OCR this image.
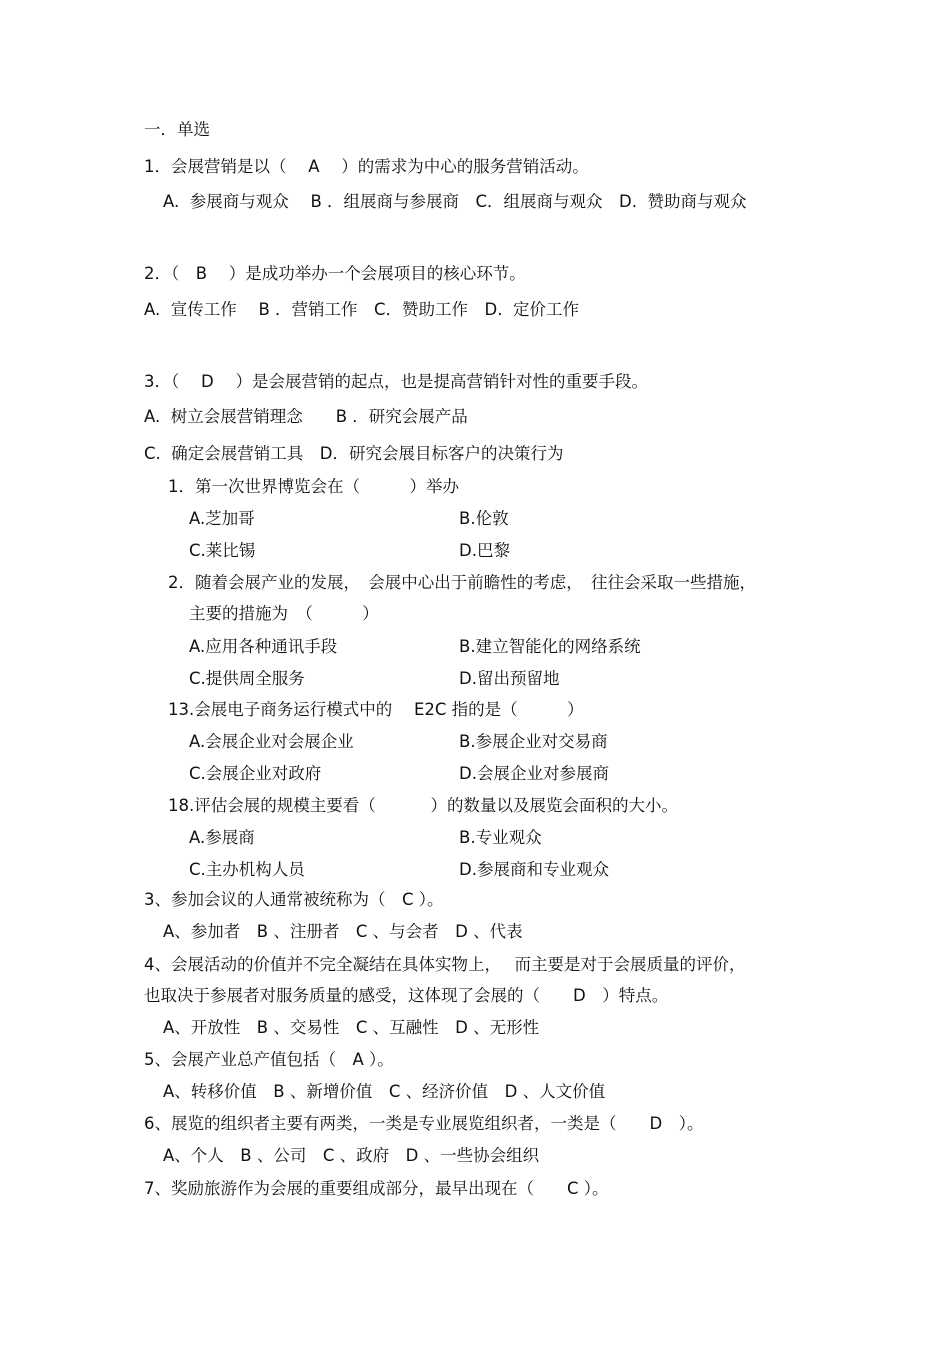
一．单选
1．会展营销是以（　 A　 ）的需求为中心的服务营销活动。
A.  参展商与观众　 B ．组展商与参展商　C．组展商与观众　D.  赞助商与观众
2．（　B　 ）是成功举办一个会展项目的核心环节。
A.  宣传工作　 B ．营销工作　C．赞助工作　D.  定价工作
3．（　 D　 ）是会展营销的起点，也是提高营销针对性的重要手段。
A.  树立会展营销理念　　B ．研究会展产品
C.  确定会展营销工具　D．研究会展目标客户的决策行为
1．第一次世界博览会在（　　　）举办
A.芝加哥	B.伦敦
C.莱比锡	D.巴黎
2．随着会展产业的发展，　会展中心出于前瞻性的考虑，　往往会采取一些措施，
主要的措施为　（　　　）
A.应用各种通讯手段	B.建立智能化的网络系统
C.提供周全服务	D.留出预留地
13.会展电子商务运行模式中的　 E2C 指的是（　　　）
A.会展企业对会展企业	B.参展企业对交易商
C.会展企业对政府	D.会展企业对参展商
18.评估会展的规模主要看（　　　 ）的数量以及展览会面积的大小。
A.参展商	B.专业观众
C.主办机构人员	D.参展商和专业观众
3、参加会议的人通常被统称为（　C ）。
A、参加者　B 、注册者　C 、与会者　D 、代表
4、会展活动的价值并不完全凝结在具体实物上，　 而主要是对于会展质量的评价，
也取决于参展者对服务质量的感受，这体现了会展的（　　D　）特点。
A、开放性　B 、交易性　C 、互融性　D 、无形性
5、会展产业总产值包括（　A ）。
A、转移价值　B 、新增价值　C 、经济价值　D 、人文价值
6、展览的组织者主要有两类，一类是专业展览组织者，一类是（　　D　）。
A、个人　B 、公司　C 、政府　D 、一些协会组织
7、奖励旅游作为会展的重要组成部分，最早出现在（　　C ）。
